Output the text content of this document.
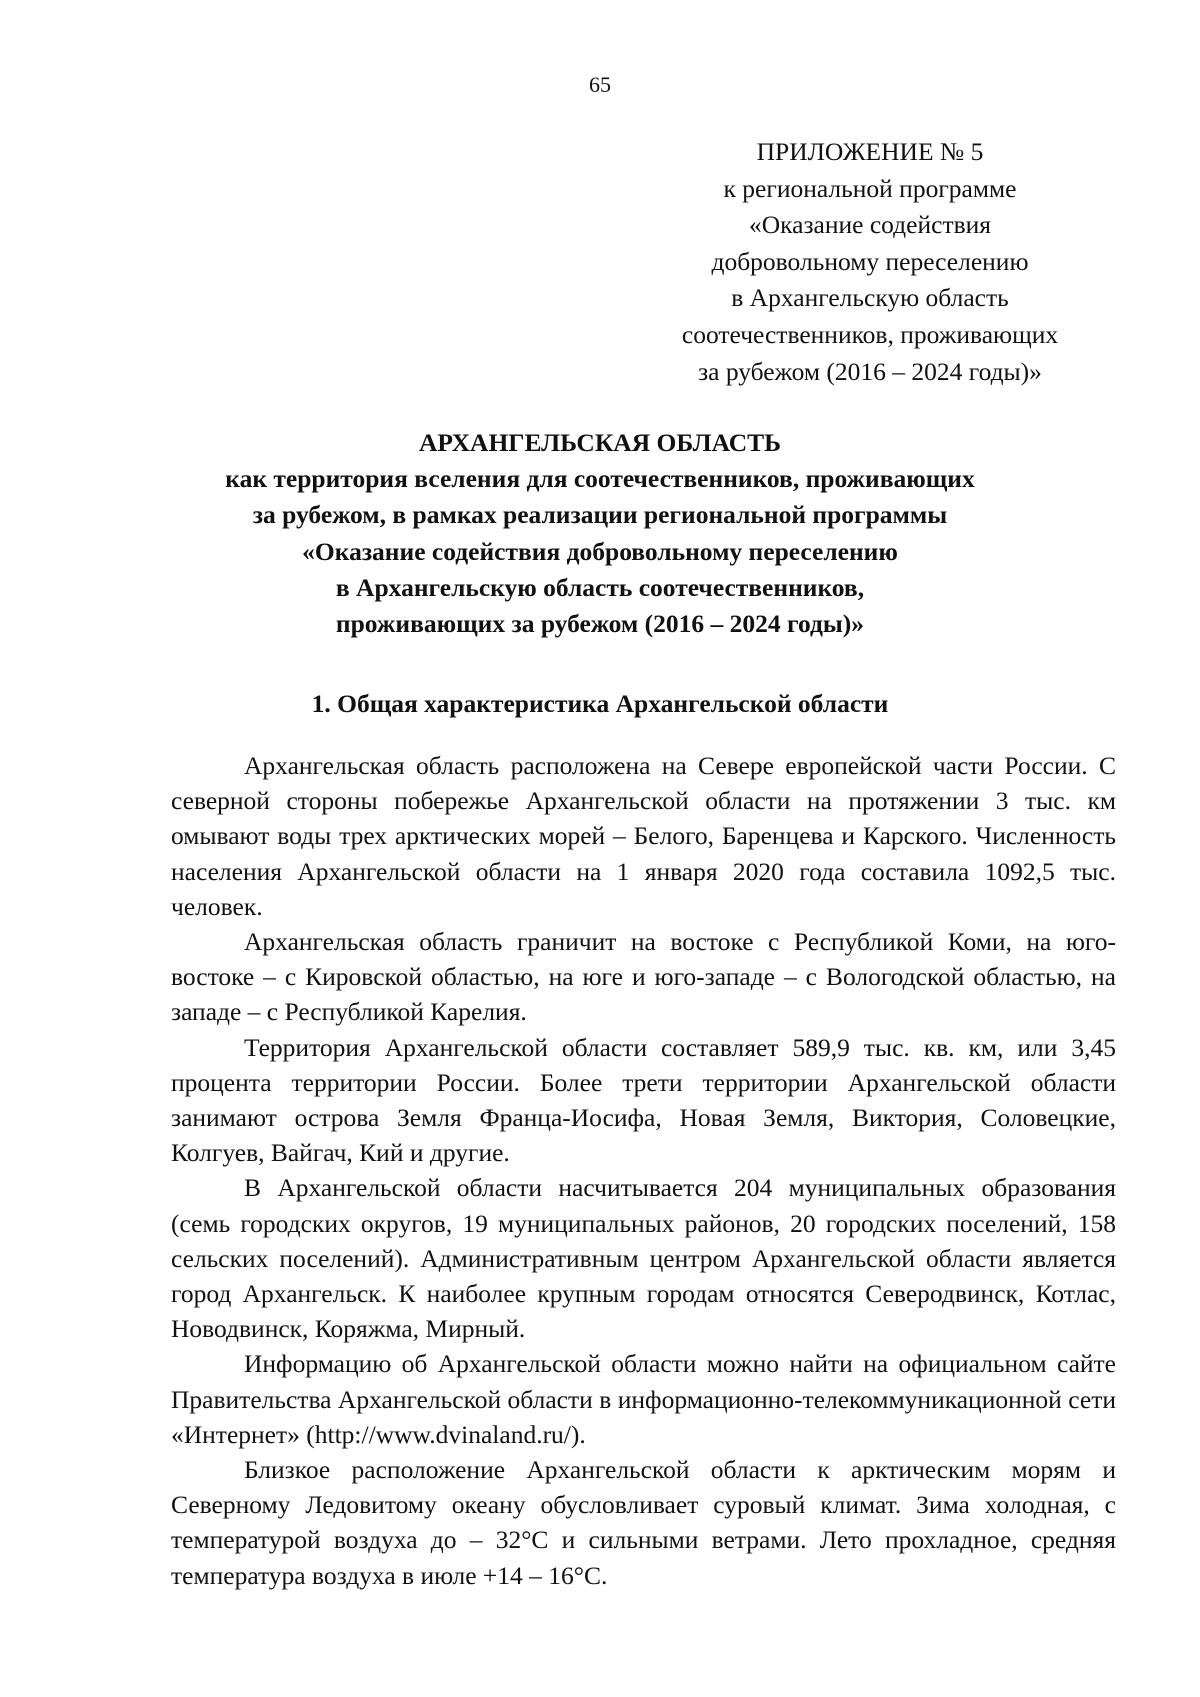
65
ПРИЛОЖЕНИЕ № 5
к региональной программе
«Оказание содействия
добровольному переселению
в Архангельскую область
соотечественников, проживающих
за рубежом (2016 – 2024 годы)»
АРХАНГЕЛЬСКАЯ ОБЛАСТЬ
как территория вселения для соотечественников, проживающих
за рубежом, в рамках реализации региональной программы
«Оказание содействия добровольному переселению
в Архангельскую область соотечественников,
проживающих за рубежом (2016 – 2024 годы)»
1. Общая характеристика Архангельской области

Архангельская область расположена на Севере европейской части России. С северной стороны побережье Архангельской области на протяжении 3 тыс. км омывают воды трех арктических морей – Белого, Баренцева и Карского. Численность населения Архангельской области на 1 января 2020 года составила 1092,5 тыс. человек.

Архангельская область граничит на востоке с Республикой Коми, на юго-востоке – с Кировской областью, на юге и юго-западе – с Вологодской областью, на западе – с Республикой Карелия.

Территория Архангельской области составляет 589,9 тыс. кв. км, или 3,45 процента территории России. Более трети территории Архангельской области занимают острова Земля Франца-Иосифа, Новая Земля, Виктория, Соловецкие, Колгуев, Вайгач, Кий и другие.

В Архангельской области насчитывается 204 муниципальных образования (семь городских округов, 19 муниципальных районов, 20 городских поселений, 158 сельских поселений). Административным центром Архангельской области является город Архангельск. К наиболее крупным городам относятся Северодвинск, Котлас, Новодвинск, Коряжма, Мирный.

Информацию об Архангельской области можно найти на официальном сайте Правительства Архангельской области в информационно-телекоммуникационной сети «Интернет» (http://www.dvinaland.ru/).

Близкое расположение Архангельской области к арктическим морям и Северному Ледовитому океану обусловливает суровый климат. Зима холодная, с температурой воздуха до – 32°С и сильными ветрами. Лето прохладное, средняя температура воздуха в июле +14 – 16°С.
